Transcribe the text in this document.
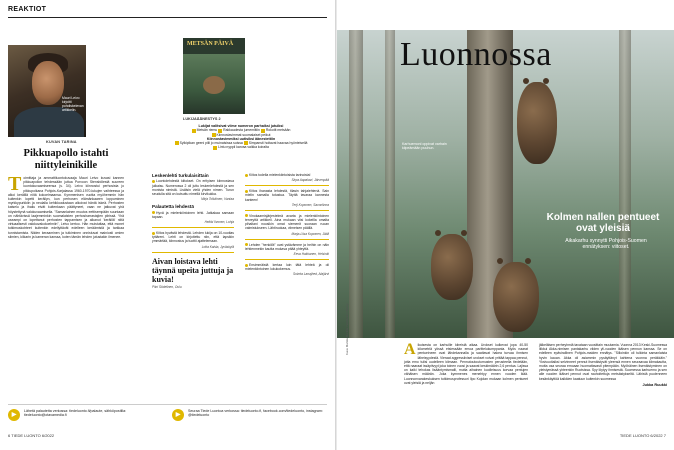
REAKTIOT
Mauri Leivo kirjoitti pohdiskelevan artikkelin.
KUVAN TARINA
Pikkuapollo istahti niittyleinikille
T oimittaja ja ammattiluontokuvaaja Mauri Leivo kuvasi kannen pikkuapollon tehdessään juttua Porvoon Stensbölestä suureen luontokuvaamiseensa (s. 34). Leivo kiinnostui perhosista jo pikkupoikana Pohjois-Karjalassa 1960-1970-lukujen vaihteessa ja alkoi keräillä niitä kokoelmaansa. Kymmenisen vuotta myöhemmin hän kuitenkin lopetti keräilyn, kun perhosen elämänkaaren loppuminen myrkkypurkkiin ja neulalla kehikkoalustaan alkoivat häntä iskeä. Perhosten katselu ja ihailu eivät kuitenkaan päättyneet, vaan ne jatkuvat yhä höystettynä valokuvaamisella. "Samanlainen muutos eettisempään suuntaan on nähtävissä laajemminkin suomalaisten perhosharrastajien piirissä. Yhä useampi on lopettanut perhosten tappamisen ja alkanut 'keräillä' niitä virtuaalisesti valokuvakokoelmiin", Leivo kertoo. Hän muistuttaa, että monet tutkimuskohteet kuitenkin edellyttävät edelleen keräämistä ja tarkkaa tunnistamista. Niiden keraaminen ja tutkiminen onnistuvat mainiosti omien silmien, kiikarin ja kameran kanssa, koten tämän lehden jutustakin ilmenee.
METSÄN PÄIVÄ
LUKIJAÄÄNESTYS 2
Lukijat valitsivat viime numeron parhaiksi jutuiksi
Metsän riemu Rakkaudesta jumemiitiin Rokotit metsään
Kiinnostavimmat suomalaiset peikut
Kiinnostavimmiksi uutisiksi äänestettiin
Sylkipikan geeni piili jo muinaisissa suissa Simpansit hoitavat haavaa hyönteisellä
Lintu nyppii karvaa vaikka koiralta
Leskenlehti turkulaisittain
Luontolehdestä kiitokset. On erityisen kiinnostava julkaisu. Numerossa 2 oli juttu leskenlehdestä ja sen monista nimistä. Lisäisin vielä yhden nimen. Turun seudulla sitä on kutsuttu nimellä kirvikukka.
Mirja Tolkkinen, Vantaa
Palautetta lehdestä
Hyvä ja mielenkiintoinen lehti. Jatkakaa samaan tapaan.
Heikki Ilvonen, Lohja
Kiitos hyvästä lehdestä. Lehden lukija on 10-vuotias tyttäreni. Lehti on kirjoitettu niin, että lapsikin ymmärtää, kiinnostus ja tuottii ajattelemaan.
Lotta Kaisla, Jyväskylä
Aivan loistava lehti täynnä upeita juttuja ja kuvia!
Piini Södelinen, Oulu
Kiitos todella mielenkiintoisista tarinoista!
Sirpa Aapakari, Järvenpää
Kiitos ihanasta lehdestä, tilasin tahjalehtenä. Sain mielin samalla tutustua. Täyttä tavaraa kannesta kanteen!
Terji Koponen, Savonlinna
Vinokaarnisjärjestelmä avarta ja mielenkiintoinen terveyttä artikkeli. Aina mukaan viisi kokeilla omalta pihaltani nousikin omat siemenit suoraan ruoan valmistukseen. Lähtiruokaa, viimeisen päällä.
Marja-Liisa Koponen, Jääli
Lehden "henkilöt" ovat ystävämme ja heihin on näin lehtienmekin kautta mukava pitää yhteyttä.
Eeva Hakkanen, Helsinki
Ensimmäistä kertaa luin tätä lehteä ja oli mielenkiintoinen lukukokemus.
Soimta Lanajhed, Alajärvi
▶
Lähetä palautetta verkossa: tiedeluonto.fi/palaute, sähköpostilla: tiedeluonto@otavamedia.fi	▶
Seuraa Tiede Luontoa verkossa: tiedeluonto.fi, facebook.com/tiedeluonto, instagram: @tiedeluonto
6 TIEDE LUONTO 6/2022
Luonnossa
Karhuemonl oppivat varhain kiipeämään puuhun.
Kolmen nallen pentueet ovat yleisiä
Aikakarhu synnytti Pohjois-Suomen ennätyksen: viitoset.
Kuva: Markku Marttila / Vastavalo / Alamy	A ikuisesta on karhuille kiireistä aikaa. Urokset kulkevat jopa 40-50 kilometriä yössä etsiessään emoa parittelukumppania. Myös naarat pentueineen ovat lähdekannalla ja saattavat hakea turvaa ihmisen läheisyydestä. Vieraat aggressiiviset urokset voivat yrittää tappaa pennut, jotta emo tulisi uudelleen kiimaan. Pennutoutoutumusten perusteella tiedetään, että naaraat issäpitvyyt joka toinen vuosi ja saavat keskimäärin 2,6 pentua. Lajissa on kaiki tehokas lisääntymismalli, mutta aihainen kuolleisuus korvaa pentujen vähäisen määrän. Joka kymmenes menehtyy ennen vuoden ikää. Luonnonvarakeskuksen tutkimusprofessori Ilpo Kojolan mukaan kolmen pentueet ovat yleisiä ja neljän
jälkeläisen perheyhmiä tavataan vuosittain muutamia. Vuonna 2013 Keski-Suomessa liikkui Akka-nimisen pantakarhu viiden yli-vuoden ikäisen pennun kanssa. Se on edelleen epävirallinen Pohjois-maiden ennätys. "Silloinkin oli tulkinta samanlaista hyvin kauan. Akka oli asiammin pysäyttänyt kahtena vuonna peräkkäin." Yksivuotiaiksi selvinneet pennut itsenäistyvät yleensä ennen seuraavaa kiimakautta, mutta osa seuraa emoaan huomattavasti pitempään. Myöhäinen itsenäistyminen on yleistymässä yhteenkin Ruotsissa. Syy löytyy ihmisestä. Suomessa karhuemo ja sen alle vuoden ikäiset pennut ovat rauhoitettuja metsästykseltä. Lähistä puolenneen kesänkäyttöä kaikkien kaatuun kuitenkin suomessa
Jukka Ruukki
TIEDE LUONTO 6/2022 7
